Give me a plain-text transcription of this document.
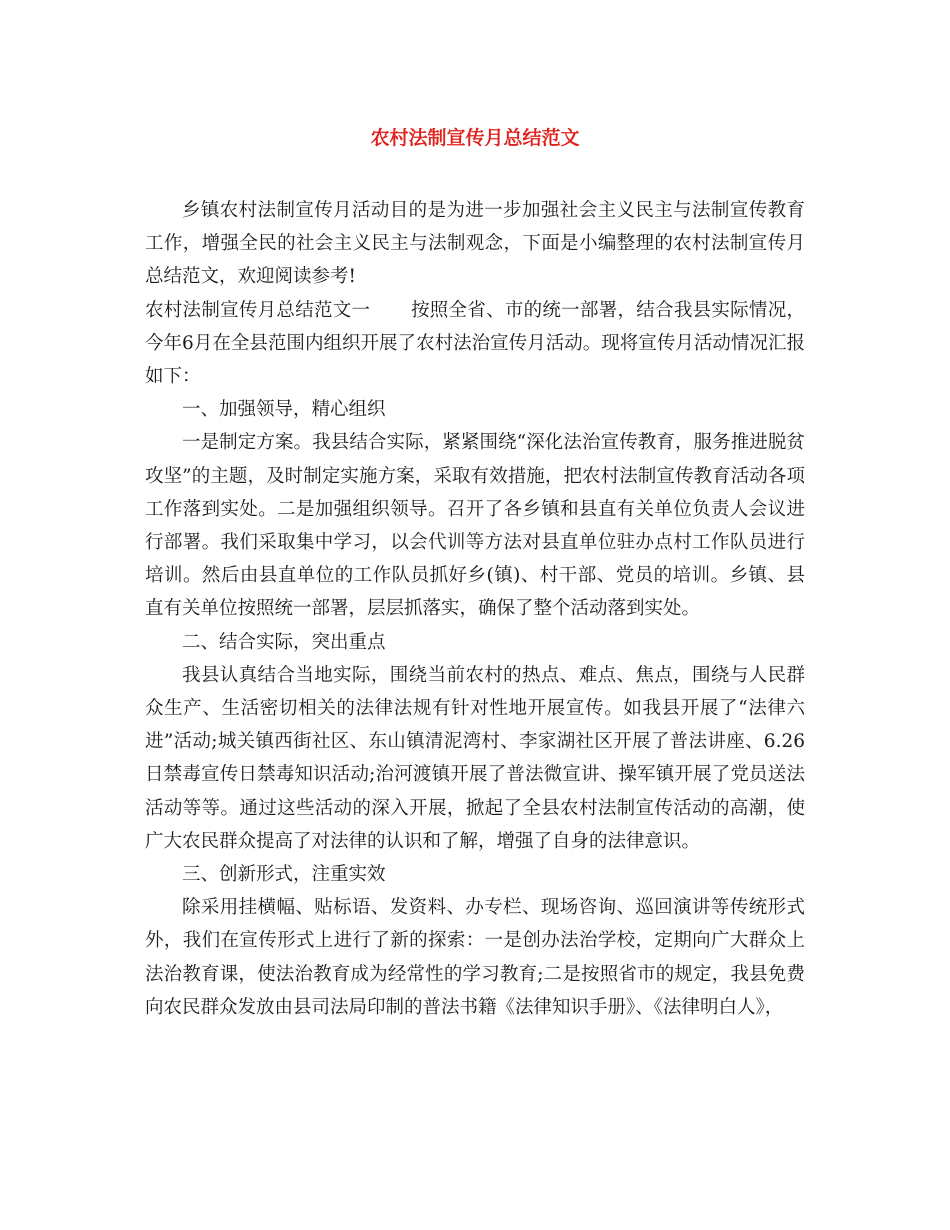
农村法制宣传月总结范文

乡镇农村法制宣传月活动目的是为进一步加强社会主义民主与法制宣传教育工作，增强全民的社会主义民主与法制观念，下面是小编整理的农村法制宣传月总结范文，欢迎阅读参考!

农村法制宣传月总结范文一 按照全省、市的统一部署，结合我县实际情况，今年6月在全县范围内组织开展了农村法治宣传月活动。现将宣传月活动情况汇报如下：

一、加强领导，精心组织

一是制定方案。我县结合实际，紧紧围绕“深化法治宣传教育，服务推进脱贫攻坚”的主题，及时制定实施方案，采取有效措施，把农村法制宣传教育活动各项工作落到实处。二是加强组织领导。召开了各乡镇和县直有关单位负责人会议进行部署。我们采取集中学习，以会代训等方法对县直单位驻办点村工作队员进行培训。然后由县直单位的工作队员抓好乡(镇)、村干部、党员的培训。乡镇、县直有关单位按照统一部署，层层抓落实，确保了整个活动落到实处。

二、结合实际，突出重点

我县认真结合当地实际，围绕当前农村的热点、难点、焦点，围绕与人民群众生产、生活密切相关的法律法规有针对性地开展宣传。如我县开展了“法律六进”活动;城关镇西街社区、东山镇清泥湾村、李家湖社区开展了普法讲座、6.26日禁毒宣传日禁毒知识活动;治河渡镇开展了普法微宣讲、操军镇开展了党员送法活动等等。通过这些活动的深入开展，掀起了全县农村法制宣传活动的高潮，使广大农民群众提高了对法律的认识和了解，增强了自身的法律意识。

三、创新形式，注重实效

除采用挂横幅、贴标语、发资料、办专栏、现场咨询、巡回演讲等传统形式外，我们在宣传形式上进行了新的探索：一是创办法治学校，定期向广大群众上法治教育课，使法治教育成为经常性的学习教育;二是按照省市的规定，我县免费向农民群众发放由县司法局印制的普法书籍《法律知识手册》、《法律明白人》，
